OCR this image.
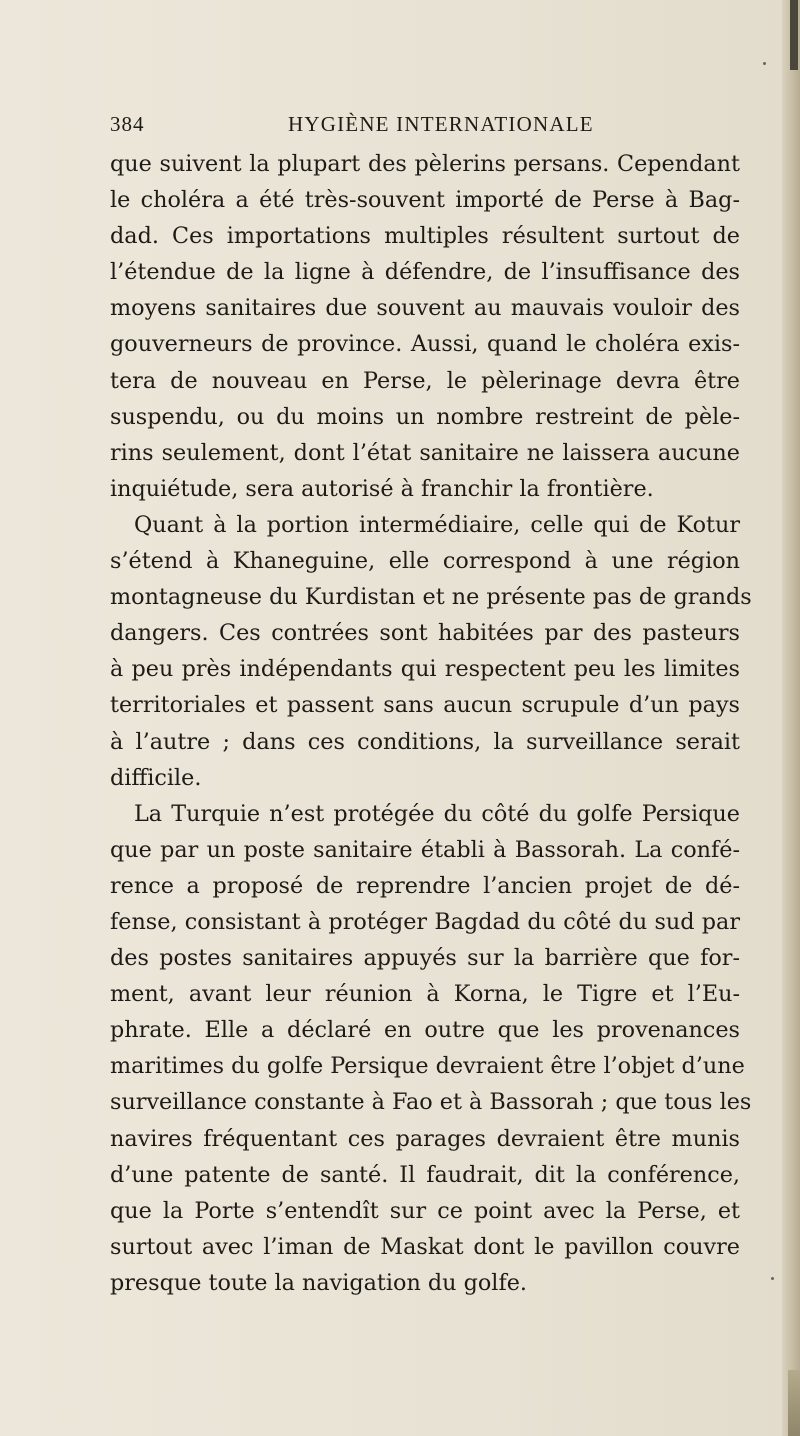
384	HYGIÈNE INTERNATIONALE
que suivent la plupart des pèlerins persans. Cependant
le choléra a été très-souvent importé de Perse à Bag-
dad. Ces importations multiples résultent surtout de
l’étendue de la ligne à défendre, de l’insuffisance des
moyens sanitaires due souvent au mauvais vouloir des
gouverneurs de province. Aussi, quand le choléra exis-
tera de nouveau en Perse, le pèlerinage devra être
suspendu, ou du moins un nombre restreint de pèle-
rins seulement, dont l’état sanitaire ne laissera aucune
inquiétude, sera autorisé à franchir la frontière.
Quant à la portion intermédiaire, celle qui de Kotur
s’étend à Khaneguine, elle correspond à une région
montagneuse du Kurdistan et ne présente pas de grands
dangers. Ces contrées sont habitées par des pasteurs
à peu près indépendants qui respectent peu les limites
territoriales et passent sans aucun scrupule d’un pays
à l’autre ; dans ces conditions, la surveillance serait
difficile.
La Turquie n’est protégée du côté du golfe Persique
que par un poste sanitaire établi à Bassorah. La confé-
rence a proposé de reprendre l’ancien projet de dé-
fense, consistant à protéger Bagdad du côté du sud par
des postes sanitaires appuyés sur la barrière que for-
ment, avant leur réunion à Korna, le Tigre et l’Eu-
phrate. Elle a déclaré en outre que les provenances
maritimes du golfe Persique devraient être l’objet d’une
surveillance constante à Fao et à Bassorah ; que tous les
navires fréquentant ces parages devraient être munis
d’une patente de santé. Il faudrait, dit la conférence,
que la Porte s’entendît sur ce point avec la Perse, et
surtout avec l’iman de Maskat dont le pavillon couvre
presque toute la navigation du golfe.
